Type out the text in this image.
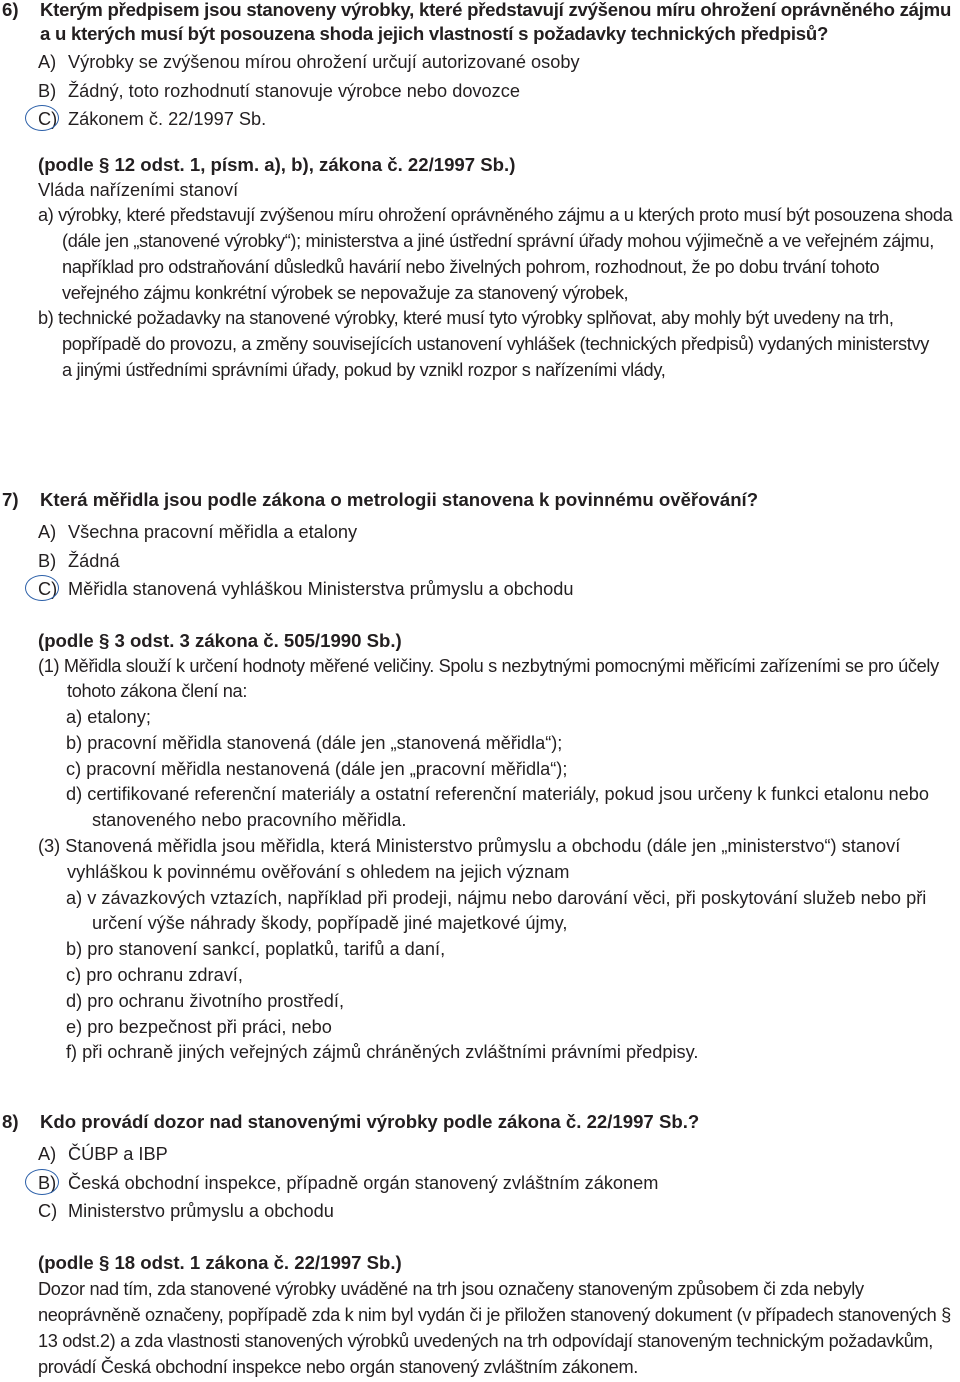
6)	Kterým předpisem jsou stanoveny výrobky, které představují zvýšenou míru ohrožení oprávněného zájmu a u kterých musí být posouzena shoda jejich vlastností s požadavky technických předpisů?
A) Výrobky se zvýšenou mírou ohrožení určují autorizované osoby
B) Žádný, toto rozhodnutí stanovuje výrobce nebo dovozce
C) Zákonem č. 22/1997 Sb.
(podle § 12 odst. 1, písm. a), b), zákona č. 22/1997 Sb.)
Vláda nařízeními stanoví
a) výrobky, které představují zvýšenou míru ohrožení oprávněného zájmu a u kterých proto musí být posouzena shoda (dále jen „stanovené výrobky“); ministerstva a jiné ústřední správní úřady mohou výjimečně a ve veřejném zájmu, například pro odstraňování důsledků havárií nebo živelných pohrom, rozhodnout, že po dobu trvání tohoto veřejného zájmu konkrétní výrobek se nepovažuje za stanovený výrobek,
b) technické požadavky na stanovené výrobky, které musí tyto výrobky splňovat, aby mohly být uvedeny na trh, popřípadě do provozu, a změny souvisejících ustanovení vyhlášek (technických předpisů) vydaných ministerstvy a jinými ústředními správními úřady, pokud by vznikl rozpor s nařízeními vlády,
7)	Která měřidla jsou podle zákona o metrologii stanovena k povinnému ověřování?
A) Všechna pracovní měřidla a etalony
B) Žádná
C) Měřidla stanovená vyhláškou Ministerstva průmyslu a obchodu
(podle § 3 odst. 3 zákona č. 505/1990 Sb.)
(1) Měřidla slouží k určení hodnoty měřené veličiny. Spolu s nezbytnými pomocnými měřicími zařízeními se pro účely tohoto zákona člení na:
a) etalony;
b) pracovní měřidla stanovená (dále jen „stanovená měřidla“);
c) pracovní měřidla nestanovená (dále jen „pracovní měřidla“);
d) certifikované referenční materiály a ostatní referenční materiály, pokud jsou určeny k funkci etalonu nebo stanoveného nebo pracovního měřidla.
(3) Stanovená měřidla jsou měřidla, která Ministerstvo průmyslu a obchodu (dále jen „ministerstvo“) stanoví vyhláškou k povinnému ověřování s ohledem na jejich význam
a) v závazkových vztazích, například při prodeji, nájmu nebo darování věci, při poskytování služeb nebo při určení výše náhrady škody, popřípadě jiné majetkové újmy,
b) pro stanovení sankcí, poplatků, tarifů a daní,
c) pro ochranu zdraví,
d) pro ochranu životního prostředí,
e) pro bezpečnost při práci, nebo
f) při ochraně jiných veřejných zájmů chráněných zvláštními právními předpisy.
8)	Kdo provádí dozor nad stanovenými výrobky podle zákona č. 22/1997 Sb.?
A) ČÚBP a IBP
B) Česká obchodní inspekce, případně orgán stanovený zvláštním zákonem
C) Ministerstvo průmyslu a obchodu
(podle § 18 odst. 1 zákona č. 22/1997 Sb.)
Dozor nad tím, zda stanovené výrobky uváděné na trh jsou označeny stanoveným způsobem či zda nebyly neoprávněně označeny, popřípadě zda k nim byl vydán či je přiložen stanovený dokument (v případech stanovených § 13 odst.2) a zda vlastnosti stanovených výrobků uvedených na trh odpovídají stanoveným technickým požadavkům, provádí Česká obchodní inspekce nebo orgán stanovený zvláštním zákonem.
